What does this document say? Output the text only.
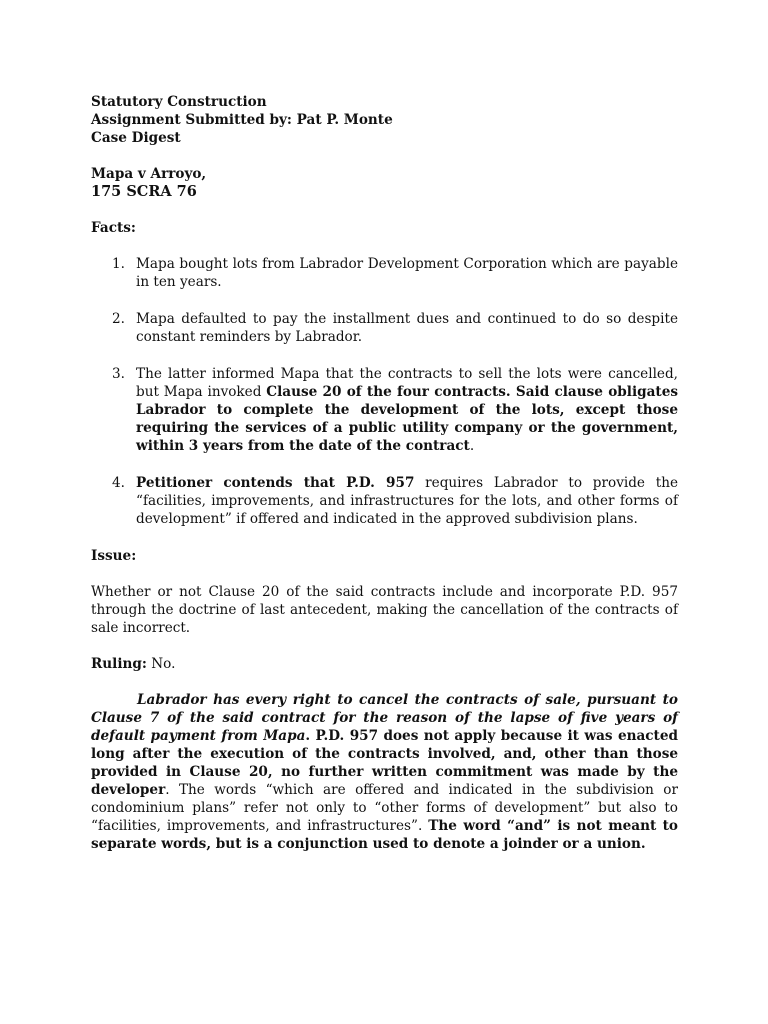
Statutory Construction

Assignment Submitted by: Pat P. Monte

Case Digest

Mapa v Arroyo,

175 SCRA 76

Facts:

1. Mapa bought lots from Labrador Development Corporation which are payable in ten years.
2. Mapa defaulted to pay the installment dues and continued to do so despite constant reminders by Labrador.
3. The latter informed Mapa that the contracts to sell the lots were cancelled, but Mapa invoked Clause 20 of the four contracts. Said clause obligates Labrador to complete the development of the lots, except those requiring the services of a public utility company or the government, within 3 years from the date of the contract.
4. Petitioner contends that P.D. 957 requires Labrador to provide the “facilities, improvements, and infrastructures for the lots, and other forms of development” if offered and indicated in the approved subdivision plans.

Issue:

Whether or not Clause 20 of the said contracts include and incorporate P.D. 957 through the doctrine of last antecedent, making the cancellation of the contracts of sale incorrect.

Ruling: No.

Labrador has every right to cancel the contracts of sale, pursuant to Clause 7 of the said contract for the reason of the lapse of five years of default payment from Mapa. P.D. 957 does not apply because it was enacted long after the execution of the contracts involved, and, other than those provided in Clause 20, no further written commitment was made by the developer. The words “which are offered and indicated in the subdivision or condominium plans” refer not only to “other forms of development” but also to “facilities, improvements, and infrastructures”. The word “and” is not meant to separate words, but is a conjunction used to denote a joinder or a union.
